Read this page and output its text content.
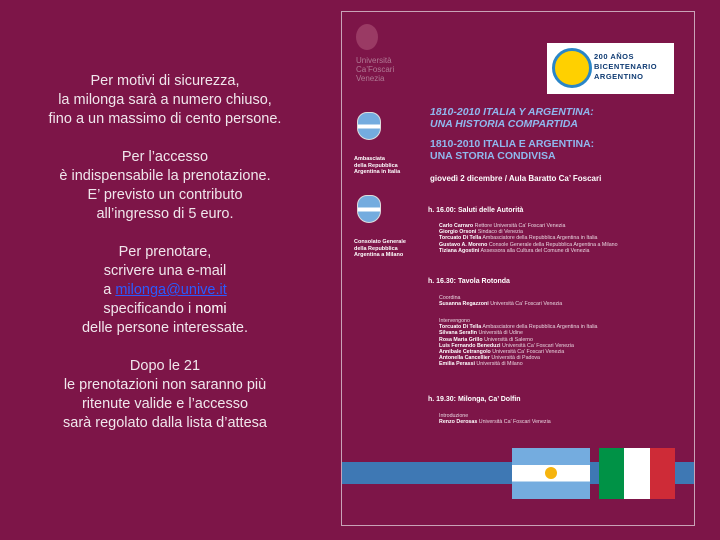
Per motivi di sicurezza,
la milonga sarà a numero chiuso,
fino a un massimo di cento persone.

Per l’accesso
è indispensabile la prenotazione.
E’ previsto un contributo
all’ingresso di 5 euro.

Per prenotare,
scrivere una e-mail
a milonga@unive.it
specificando i nomi
delle persone interessate.

Dopo le 21
le prenotazioni non saranno più
ritenute valide e l’accesso
sarà regolato dalla lista d’attesa

Università
Ca’Foscari
Venezia
200 AÑOS
BICENTENARIO
ARGENTINO
Ambasciata
della Repubblica
Argentina in Italia
Consolato Generale
della Repubblica
Argentina a Milano
1810-2010 ITALIA Y ARGENTINA:
UNA HISTORIA COMPARTIDA
1810-2010 ITALIA E ARGENTINA:
UNA STORIA CONDIVISA
giovedì 2 dicembre / Aula Baratto Ca’ Foscari
h. 16.00: Saluti delle Autorità
Carlo Carraro Rettore Università Ca’ Foscari Venezia
Giorgio Orsoni Sindaco di Venezia
Torcuato Di Tella Ambasciatore della Repubblica Argentina in Italia
Gustavo A. Moreno Console Generale della Repubblica Argentina a Milano
Tiziana Agostini Assessora alla Cultura del Comune di Venezia
h. 16.30: Tavola Rotonda
Coordina
Susanna Regazzoni Università Ca’ Foscari Venezia
Intervengono
Torcuato Di Tella Ambasciatore della Repubblica Argentina in Italia
Silvana Serafin Università di Udine
Rosa Maria Grillo Università di Salerno
Luis Fernando Beneduzi Università Ca’ Foscari Venezia
Annibale Cetrangolo Università Ca’ Foscari Venezia
Antonella Cancellier Università di Padova
Emilia Perassi Università di Milano
h. 19.30: Milonga, Ca’ Dolfin
Introduzione
Renzo Derosas Università Ca’ Foscari Venezia
